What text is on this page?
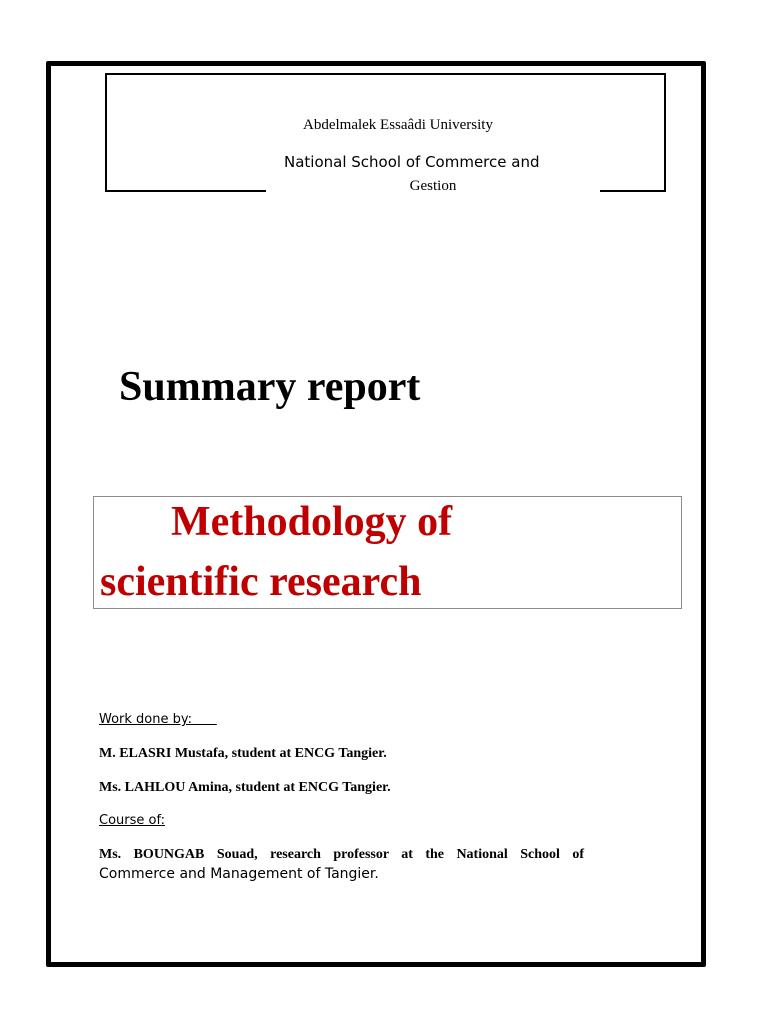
Abdelmalek Essaâdi University
National School of Commerce and
Gestion
Summary report
Methodology of
scientific research
Work done by:
M. ELASRI Mustafa, student at ENCG Tangier.
Ms. LAHLOU Amina, student at ENCG Tangier.
Course of:
Ms. BOUNGAB Souad, research professor at the National School of
Commerce and Management of Tangier.
